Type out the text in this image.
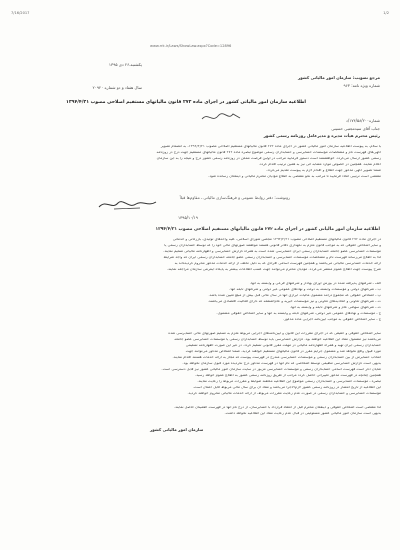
7/16/2017
www.rrk.ir/Laws/ShowLaw.aspx?Code=12896
1/2
یکشنبه،۲۶ دی ۱۳۹۵
سال هفتاد و دو شماره ۲۰۹۲۰
مرجع تصویب: سازمان امور مالیاتی کشور
شماره ویژه نامه: ۹۶۳
اطلاعیه سازمان امور مالیاتی کشور در اجرای ماده ۲۷۲ قانون مالیاتهای مستقیم اصلاحی مصوب ۱۳۹۴/۴/۳۱
شماره۱۷۴/۵۸/۲۰۰/د
جناب آقای سیدمجتبی حسینی
رئیس محترم هیأت مدیره و مدیرعامل روزنامه رسمی کشور
با سلام، به پیوست اطلاعیه سازمان امور مالیاتی کشور در اجرای ماده ۲۷۲ قانون مالیاتهای مستقیم اصلاحی مصوب ۱۳۹۴/۴/۳۱، به انضمام تصویر
آگهی‌های فهرست نام و مشخصات مؤسسات حسابرسی و حسابداران رسمی موضوع تبصره ماده ۲۷۲ قانون مالیاتهای مستقیم جهت درج در روزنامه
رسمی کشور ارسال می‌گردد. خواهشمند است دستور فرمایید مراتب در اولین فرصت ممکن در روزنامه رسمی کشور درج و نتیجه را به این سازمان
اعلام نمایند. همچنین در خصوص موارد مشابه آتی نیز به همین ترتیب اقدام گردد.
ضمناً تصویر آگهی مذکور جهت اطلاع و اقدام لازم به پیوست تقدیم می‌گردد.
مقتضی است ترتیبی اتخاذ فرمایید تا مراتب به نحو مقتضی به اطلاع مؤدیان محترم مالیاتی و ذینفعان رسانده شود.
رونوشت: دفتر روابط عمومی و فرهنگ‌سازی مالیاتی ـ مقاوم‌ها قبلاً
۱۳۹۵/۱۰/۱۹
اطلاعیه سازمان امور مالیاتی کشور در اجرای ماده ۲۷۲ قانون مالیاتهای مستقیم اصلاحی مصوب ۱۳۹۴/۴/۳۱
در اجرای ماده ۲۷۲ قانون مالیاتهای مستقیم اصلاحی مصوب ۱۳۹۴/۴/۳۱ مجلس شورای اسلامی، کلیه واحدهای تولیدی، بازرگانی و خدماتی
و سایر اشخاص حقوقی که به موجب قانون ملزم به نگهداری دفاتر قانونی هستند موظفند صورتهای مالی خود را که توسط حسابداران رسمی یا
مؤسسات حسابرسی عضو جامعه حسابداران رسمی ایران حسابرسی شده است به همراه گزارش حسابرسی و اظهارنامه مالیاتی تسلیم نمایند.
لذا به اطلاع می‌رساند فهرست نام و مشخصات مؤسسات حسابرسی و حسابداران رسمی عضو جامعه حسابداران رسمی ایران که واجد شرایط
ارائه خدمات حسابرسی مالیاتی می‌باشند و همچنین فهرست اسامی افرادی که به دلیل تخلف از ارائه خدمات مذکور محروم گردیده‌اند به
شرح پیوست جهت اطلاع عموم منتشر می‌گردد. مؤدیان محترم می‌توانند جهت کسب اطلاعات بیشتر به پایگاه اینترنتی سازمان مراجعه نمایند.
الف ـ شرکتهای پذیرفته شده در بورس اوراق بهادار و شرکتهای فرعی و وابسته به آنها.
ب ـ شرکتهای دولتی و مؤسسات وابسته به دولت و نهادهای عمومی غیر دولتی و شرکتهای تابعه آنها.
پ ـ اشخاص حقوقی که مجموع درآمد مشمول مالیات ابرازی آنها در سال مالی قبل بیش از مبلغ تعیین شده باشد.
ت ـ شرکتهای تعاونی و اتحادیه‌های تعاونی و نیز مؤسسات خیریه و عام‌المنفعه که دارای فعالیت اقتصادی می‌باشند.
ث ـ شرکتهای سهامی عام و شرکتهای تابعه و وابسته به آنها.
ج ـ مؤسسات و نهادهای عمومی غیر دولتی، شرکتهای تابعه و وابسته به آنها و سایر اشخاص حقوقی مشمول.
چ ـ سایر اشخاص حقوقی به موجب آیین‌نامه اجرایی ماده مذکور.
سایر اشخاص حقوقی و حقیقی که در اجرای مقررات این قانون و آیین‌نامه‌های اجرایی مربوط ملزم به تسلیم صورتهای مالی حسابرسی شده
می‌باشند نیز مشمول مفاد این اطلاعیه خواهند بود. گزارش حسابرسی باید توسط حسابداران رسمی یا مؤسسات حسابرسی عضو جامعه
حسابداران رسمی ایران تهیه و همراه اظهارنامه مالیاتی در مهلت مقرر قانونی تسلیم گردد. در غیر این صورت اظهارنامه تسلیمی
مورد قبول واقع نخواهد شد و مشمول جرایم مقرر در قانون مالیاتهای مستقیم خواهند گردید. ضمناً اشخاص مذکور می‌توانند جهت
انتخاب حسابرس از بین حسابداران رسمی و مؤسسات حسابرسی مندرج در فهرست پیوست که مجاز به ارائه خدمات هستند اقدام نمایند.
بدیهی است گزارش حسابرسی تنظیمی توسط اشخاصی که نام آنها در فهرست مذکور درج نگردیده مورد قبول سازمان نخواهد بود.
شایان ذکر است فهرست اسامی حسابداران رسمی و مؤسسات حسابرسی مزبور در سایت سازمان امور مالیاتی کشور نیز قابل دسترسی است.
همچنین چنانچه در فهرست مذکور تغییراتی حاصل گردد مراتب از طریق روزنامه رسمی کشور به اطلاع عموم خواهد رسید.
تبصره ـ مؤسسات حسابرسی و حسابداران رسمی موضوع این اطلاعیه مکلفند ضوابط و مقررات مربوط را رعایت نمایند.
این اطلاعیه از تاریخ انتشار در روزنامه رسمی کشور لازم‌الاجرا می‌باشد و مفاد آن برای سال مالی مربوط قابل اعمال است.
مؤسسات حسابرسی و حسابداران رسمی در صورت عدم رعایت مقررات مربوط، از ارائه خدمات مالیاتی محروم خواهند گردید.
لذا مقتضی است اشخاص حقوقی و ذینفعان محترم قبل از انعقاد قرارداد با حسابرسان، از درج نام آنها در فهرست اطمینان حاصل نمایند.
بدیهی است سازمان امور مالیاتی کشور مسئولیتی در قبال عدم رعایت مفاد این اطلاعیه نخواهد داشت.
سازمان امور مالیاتی کشور
